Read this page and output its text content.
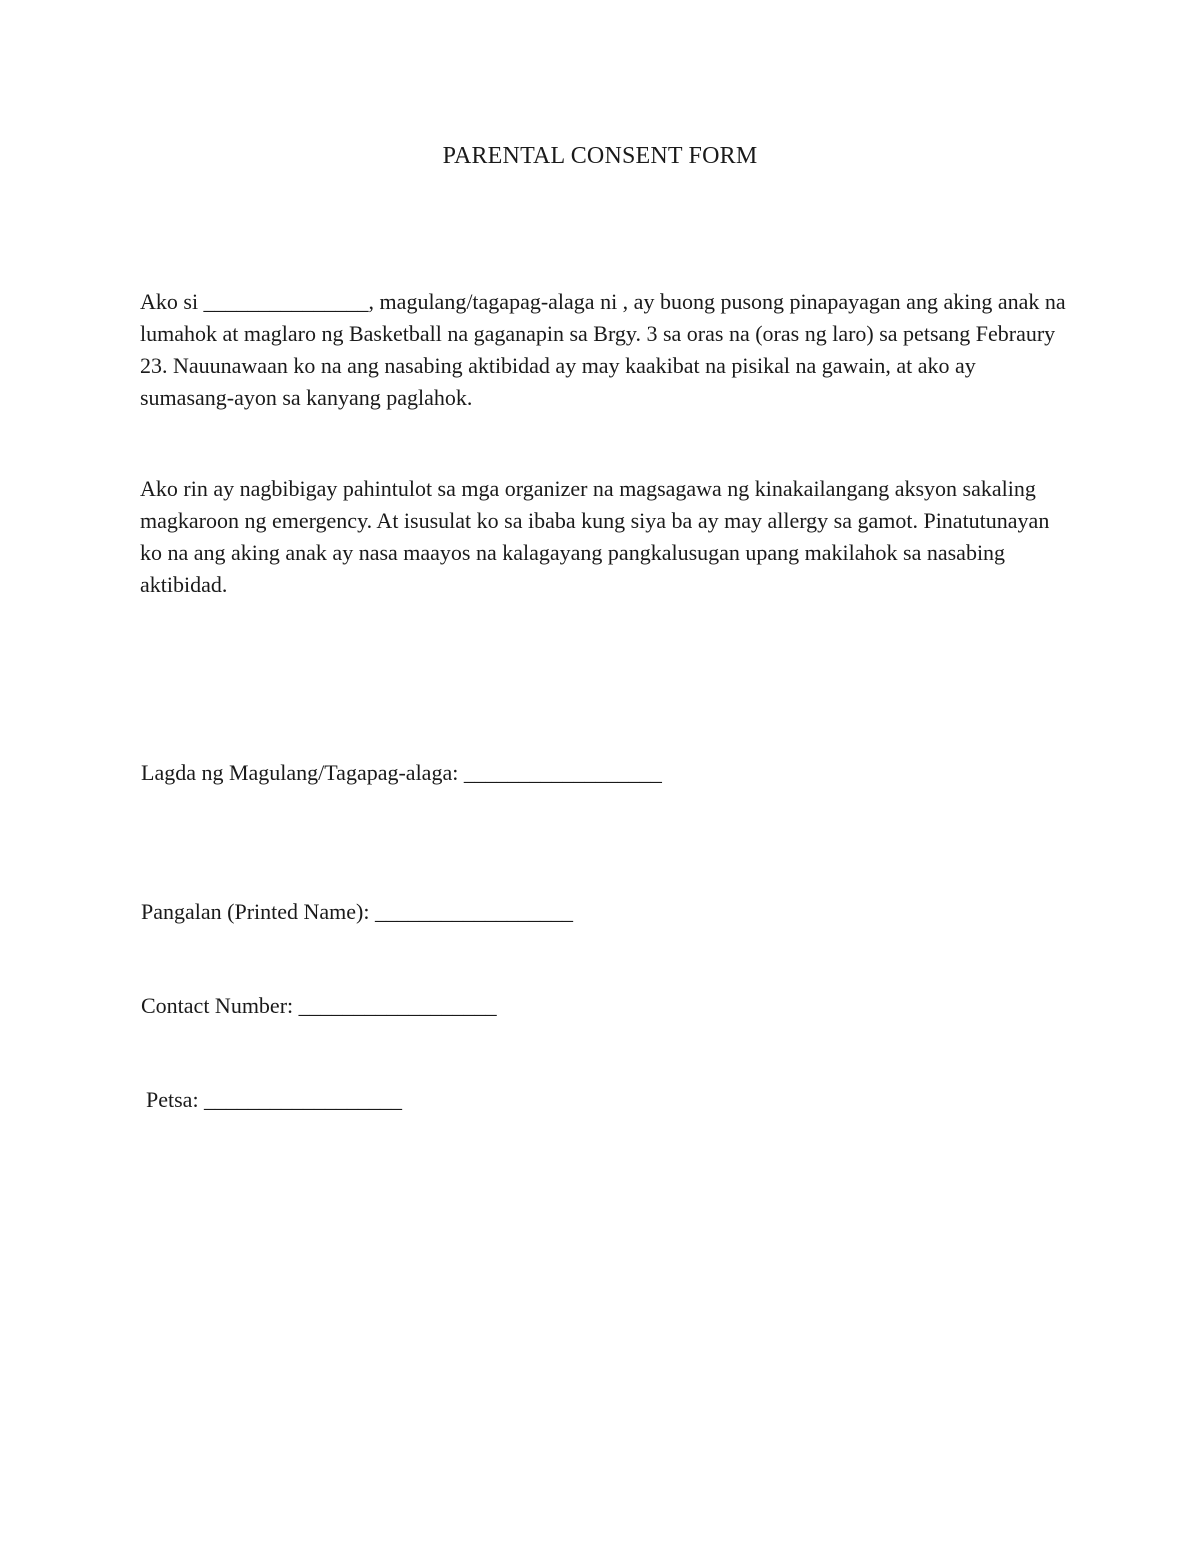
PARENTAL CONSENT FORM
Ako si _______________, magulang/tagapag-alaga ni , ay buong pusong pinapayagan ang aking anak na lumahok at maglaro ng Basketball na gaganapin sa Brgy. 3 sa oras na (oras ng laro) sa petsang Febraury 23. Nauunawaan ko na ang nasabing aktibidad ay may kaakibat na pisikal na gawain, at ako ay sumasang-ayon sa kanyang paglahok.
Ako rin ay nagbibigay pahintulot sa mga organizer na magsagawa ng kinakailangang aksyon sakaling magkaroon ng emergency. At isusulat ko sa ibaba kung siya ba ay may allergy sa gamot. Pinatutunayan ko na ang aking anak ay nasa maayos na kalagayang pangkalusugan upang makilahok sa nasabing aktibidad.
Lagda ng Magulang/Tagapag-alaga: __________________
Pangalan (Printed Name): __________________
Contact Number: __________________
Petsa: __________________
